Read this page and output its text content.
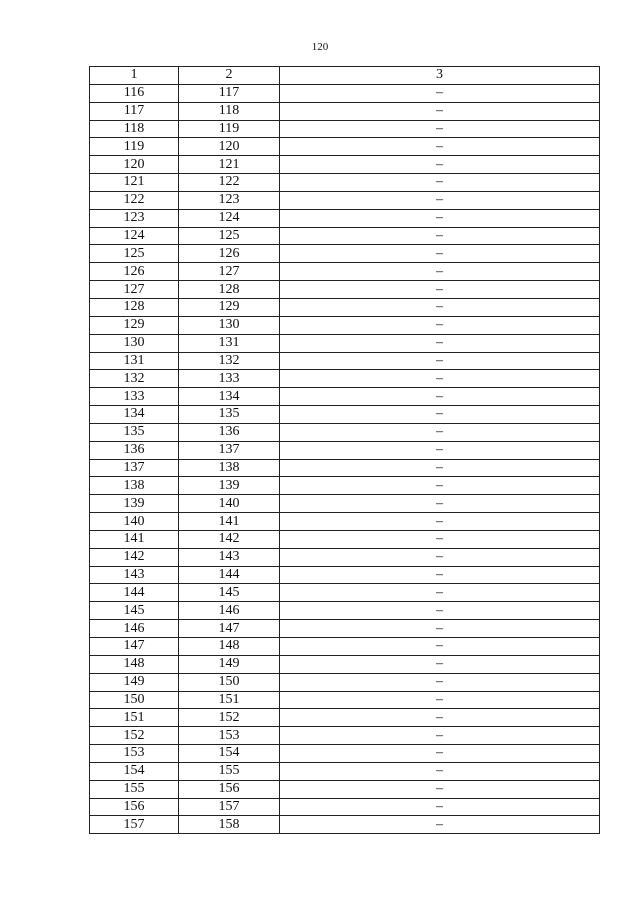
120
1	2	3
116	117	–
117	118	–
118	119	–
119	120	–
120	121	–
121	122	–
122	123	–
123	124	–
124	125	–
125	126	–
126	127	–
127	128	–
128	129	–
129	130	–
130	131	–
131	132	–
132	133	–
133	134	–
134	135	–
135	136	–
136	137	–
137	138	–
138	139	–
139	140	–
140	141	–
141	142	–
142	143	–
143	144	–
144	145	–
145	146	–
146	147	–
147	148	–
148	149	–
149	150	–
150	151	–
151	152	–
152	153	–
153	154	–
154	155	–
155	156	–
156	157	–
157	158	–
